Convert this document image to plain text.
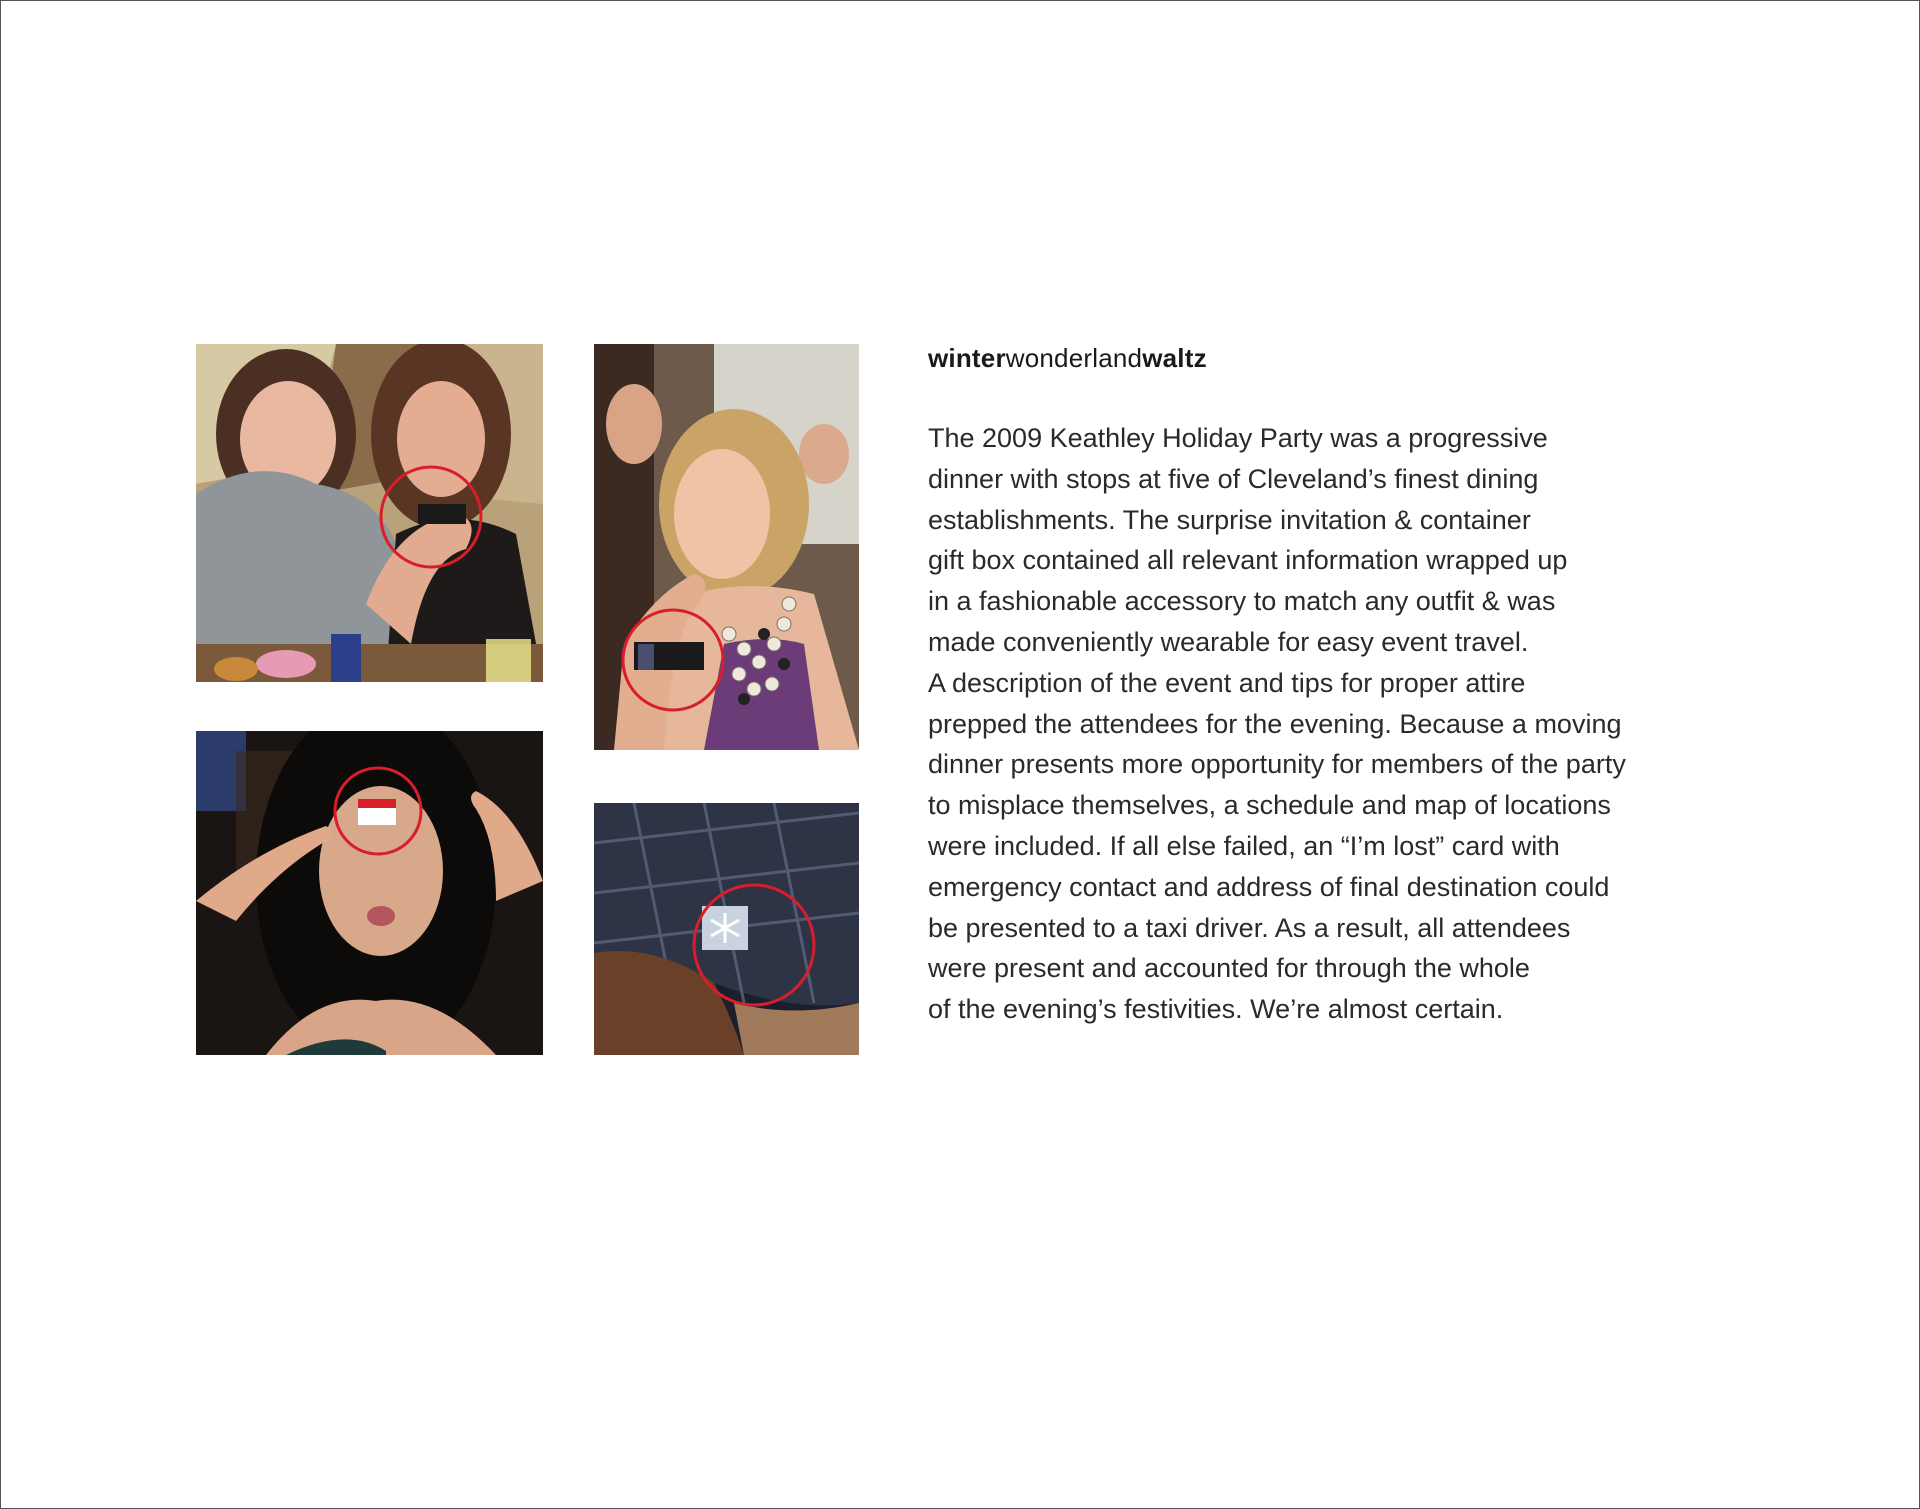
winterwonderlandwaltz

The 2009 Keathley Holiday Party was a progressive
dinner with stops at five of Cleveland’s finest dining
establishments. The surprise invitation & container
gift box contained all relevant information wrapped up
in a fashionable accessory to match any outfit & was
made conveniently wearable for easy event travel.
A description of the event and tips for proper attire
prepped the attendees for the evening. Because a moving
dinner presents more opportunity for members of the party
to misplace themselves, a schedule and map of locations
were included. If all else failed, an “I’m lost” card with
emergency contact and address of final destination could
be presented to a taxi driver. As a result, all attendees
were present and accounted for through the whole
of the evening’s festivities. We’re almost certain.
